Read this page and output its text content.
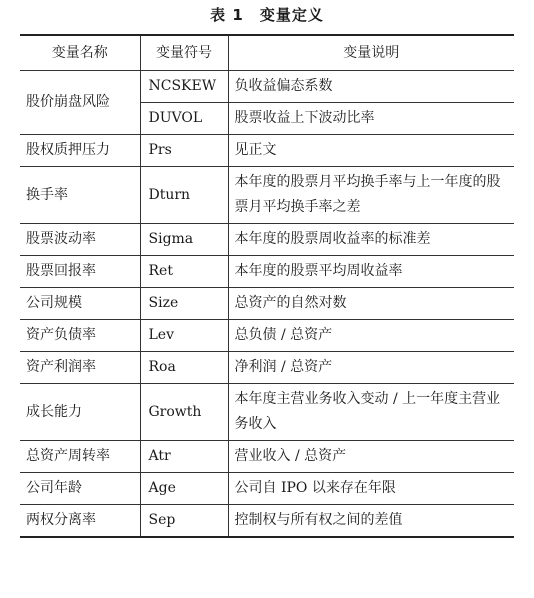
表 1　变量定义
变量名称	变量符号	变量说明
股价崩盘风险	NCSKEW	负收益偏态系数
	DUVOL	股票收益上下波动比率
股权质押压力	Prs	见正文
换手率	Dturn	本年度的股票月平均换手率与上一年度的股票月平均换手率之差
股票波动率	Sigma	本年度的股票周收益率的标准差
股票回报率	Ret	本年度的股票平均周收益率
公司规模	Size	总资产的自然对数
资产负债率	Lev	总负债 / 总资产
资产利润率	Roa	净利润 / 总资产
成长能力	Growth	本年度主营业务收入变动 / 上一年度主营业务收入
总资产周转率	Atr	营业收入 / 总资产
公司年龄	Age	公司自 IPO 以来存在年限
两权分离率	Sep	控制权与所有权之间的差值
